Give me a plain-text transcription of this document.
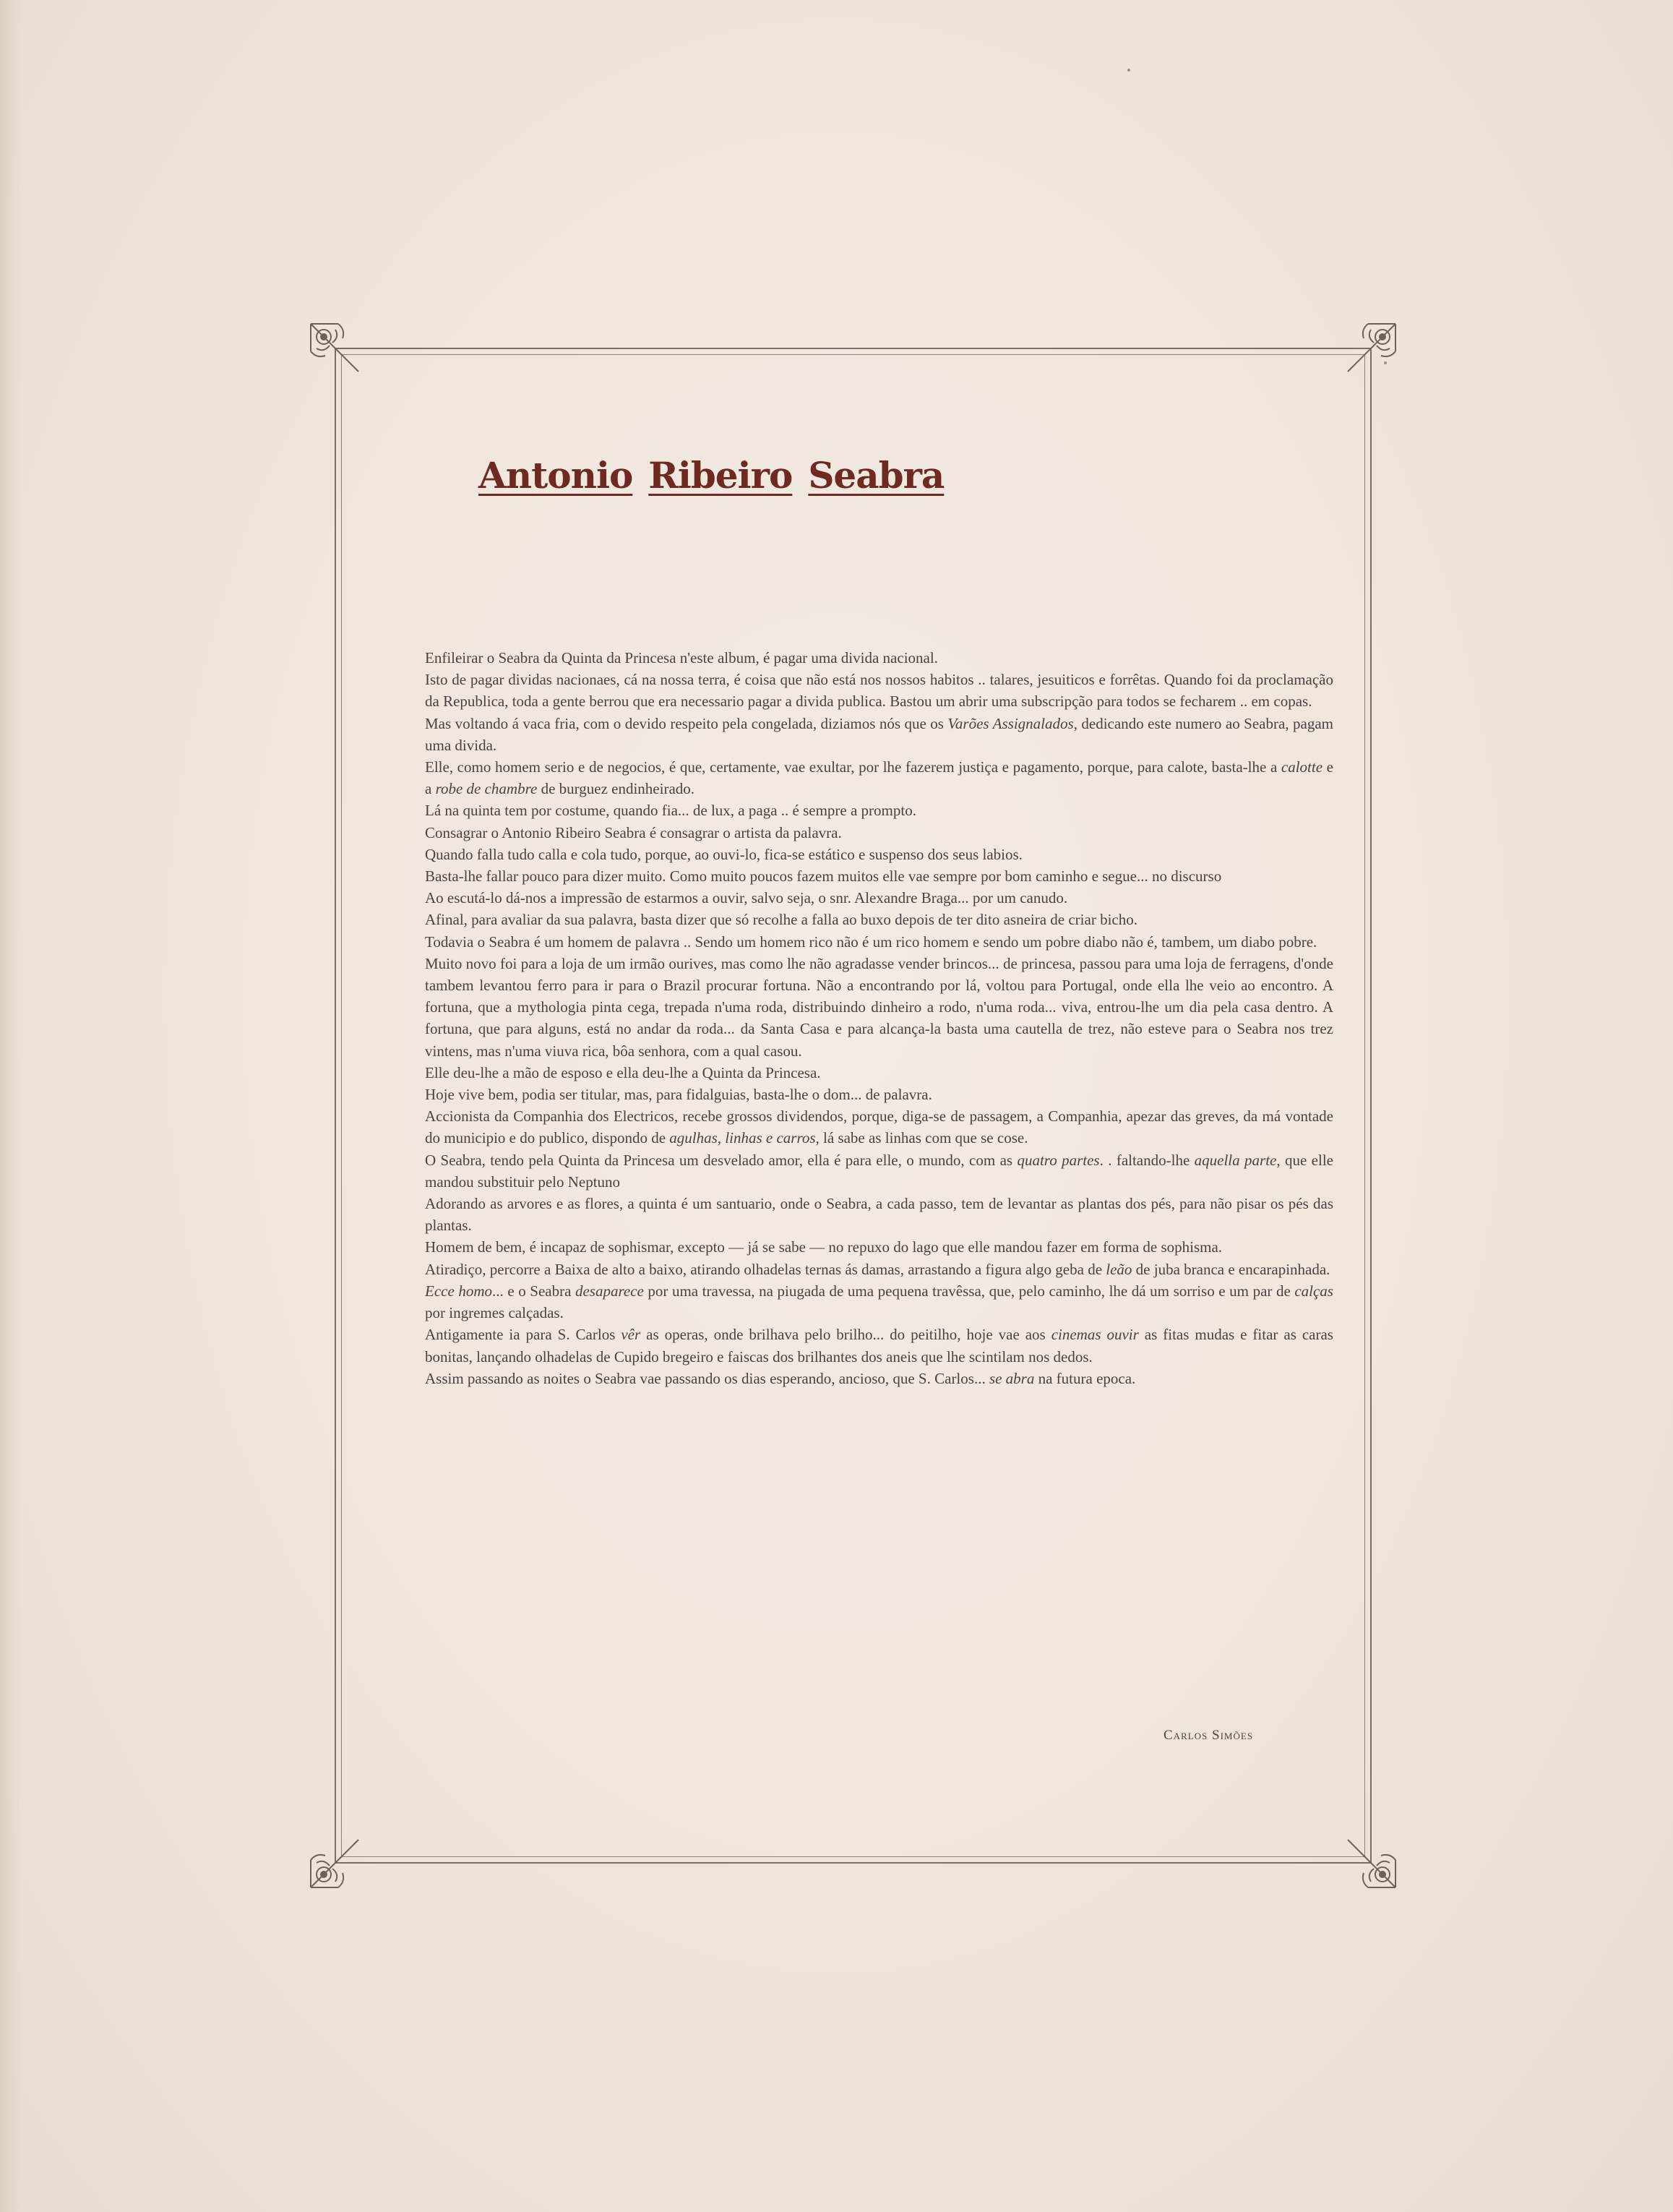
Antonio Ribeiro Seabra

Enfileirar o Seabra da Quinta da Princesa n'este album, é pagar uma divida nacional.

Isto de pagar dividas nacionaes, cá na nossa terra, é coisa que não está nos nossos habitos .. talares, jesuiticos e forrêtas. Quando foi da proclamação da Republica, toda a gente berrou que era necessario pagar a divida publica. Bastou um abrir uma subscripção para todos se fecharem .. em copas.

Mas voltando á vaca fria, com o devido respeito pela congelada, diziamos nós que os Varões Assignalados, dedicando este numero ao Seabra, pagam uma divida.

Elle, como homem serio e de negocios, é que, certamente, vae exultar, por lhe fazerem justiça e pagamento, porque, para calote, basta-lhe a calotte e a robe de chambre de burguez endinheirado.

Lá na quinta tem por costume, quando fia... de lux, a paga .. é sempre a prompto.

Consagrar o Antonio Ribeiro Seabra é consagrar o artista da palavra.

Quando falla tudo calla e cola tudo, porque, ao ouvi-lo, fica-se estático e suspenso dos seus labios.

Basta-lhe fallar pouco para dizer muito. Como muito poucos fazem muitos elle vae sempre por bom caminho e segue... no discurso

Ao escutá-lo dá-nos a impressão de estarmos a ouvir, salvo seja, o snr. Alexandre Braga... por um canudo.

Afinal, para avaliar da sua palavra, basta dizer que só recolhe a falla ao buxo depois de ter dito asneira de criar bicho.

Todavia o Seabra é um homem de palavra .. Sendo um homem rico não é um rico homem e sendo um pobre diabo não é, tambem, um diabo pobre.

Muito novo foi para a loja de um irmão ourives, mas como lhe não agradasse vender brincos... de princesa, passou para uma loja de ferragens, d'onde tambem levantou ferro para ir para o Brazil procurar fortuna. Não a encontrando por lá, voltou para Portugal, onde ella lhe veio ao encontro. A fortuna, que a mythologia pinta cega, trepada n'uma roda, distribuindo dinheiro a rodo, n'uma roda... viva, entrou-lhe um dia pela casa dentro. A fortuna, que para alguns, está no andar da roda... da Santa Casa e para alcança-la basta uma cautella de trez, não esteve para o Seabra nos trez vintens, mas n'uma viuva rica, bôa senhora, com a qual casou.

Elle deu-lhe a mão de esposo e ella deu-lhe a Quinta da Princesa.

Hoje vive bem, podia ser titular, mas, para fidalguias, basta-lhe o dom... de palavra.

Accionista da Companhia dos Electricos, recebe grossos dividendos, porque, diga-se de passagem, a Companhia, apezar das greves, da má vontade do municipio e do publico, dispondo de agulhas, linhas e carros, lá sabe as linhas com que se cose.

O Seabra, tendo pela Quinta da Princesa um desvelado amor, ella é para elle, o mundo, com as quatro partes. . faltando-lhe aquella parte, que elle mandou substituir pelo Neptuno

Adorando as arvores e as flores, a quinta é um santuario, onde o Seabra, a cada passo, tem de levantar as plantas dos pés, para não pisar os pés das plantas.

Homem de bem, é incapaz de sophismar, excepto — já se sabe — no repuxo do lago que elle mandou fazer em forma de sophisma.

Atiradiço, percorre a Baixa de alto a baixo, atirando olhadelas ternas ás damas, arrastando a figura algo geba de leão de juba branca e encarapinhada.

Ecce homo... e o Seabra desaparece por uma travessa, na piugada de uma pequena travêssa, que, pelo caminho, lhe dá um sorriso e um par de calças por ingremes calçadas.

Antigamente ia para S. Carlos vêr as operas, onde brilhava pelo brilho... do peitilho, hoje vae aos cinemas ouvir as fitas mudas e fitar as caras bonitas, lançando olhadelas de Cupido bregeiro e faiscas dos brilhantes dos aneis que lhe scintilam nos dedos.

Assim passando as noites o Seabra vae passando os dias esperando, ancioso, que S. Carlos... se abra na futura epoca.

Carlos Simões
